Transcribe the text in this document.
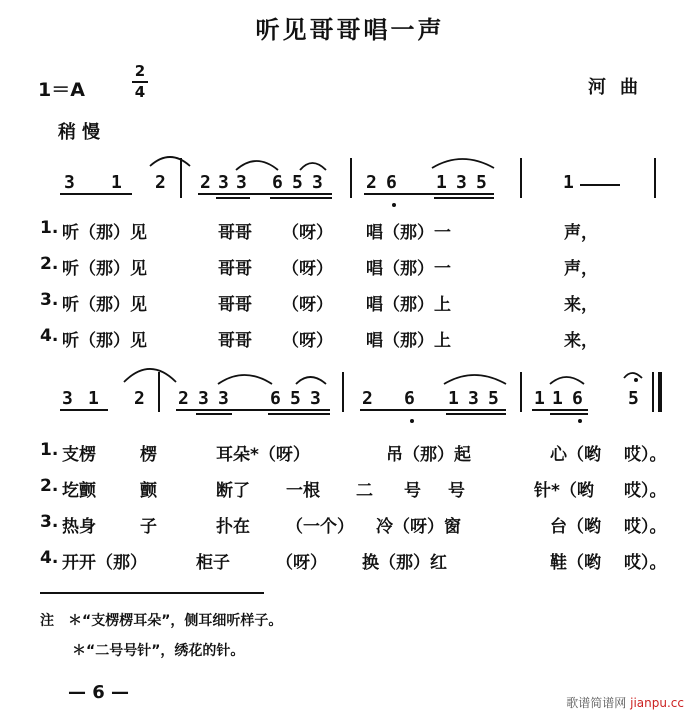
听见哥哥唱一声
1＝A
2
4	河曲
稍慢
3 1 2 2 3 3 6 5 3 2 6 1 3 5	1
1. 听（那）见	哥哥 （呀） 唱（那）一	声，
2. 听（那）见	哥哥 （呀） 唱（那）一	声，
3. 听（那）见	哥哥 （呀） 唱（那）上	来，
4. 听（那）见	哥哥 （呀） 唱（那）上	来，
3 1 2 2 3 3 6 5 3 2 6 1 3 5 1 1 6	5
1. 支楞	楞	耳朵*（呀）	吊（那）起	心（哟 哎）。
2. 圪颤	颤	断了 一根 二 号 号	针*（哟 哎）。
3. 热身	子	扑在 （一个） 冷（呀）窗	台（哟 哎）。
4. 开开（那）	柜子	（呀） 换（那）红	鞋（哟 哎）。
注　＊“支楞楞耳朵”，侧耳细听样子。
＊“二号号针”，绣花的针。
— 6 —	歌谱简谱网 jianpu.cc
